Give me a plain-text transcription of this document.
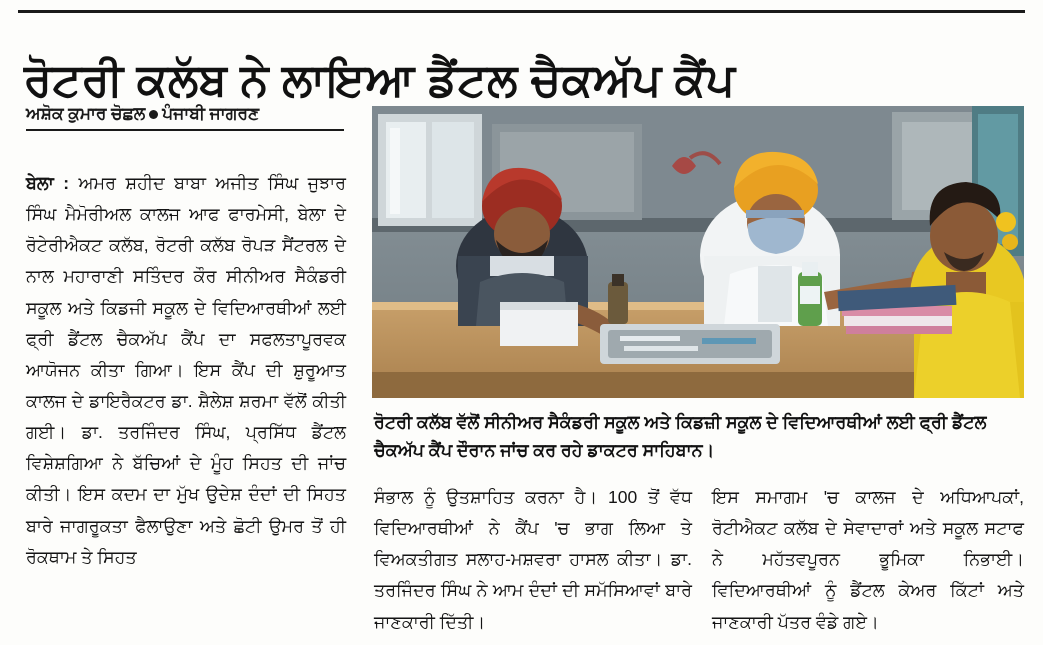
ਰੋਟਰੀ ਕਲੱਬ ਨੇ ਲਾਇਆ ਡੈਂਟਲ ਚੈਕਅੱਪ ਕੈਂਪ
ਅਸ਼ੋਕ ਕੁਮਾਰ ਚੋਛਲ ਪੰਜਾਬੀ ਜਾਗਰਣ
ਬੇਲਾ : ਅਮਰ ਸ਼ਹੀਦ ਬਾਬਾ ਅਜੀਤ ਸਿੰਘ ਜੁਝਾਰ ਸਿੰਘ ਮੈਮੋਰੀਅਲ ਕਾਲਜ ਆਫ ਫਾਰਮੇਸੀ, ਬੇਲਾ ਦੇ ਰੋਟੇਰੀਐਕਟ ਕਲੱਬ, ਰੋਟਰੀ ਕਲੱਬ ਰੋਪੜ ਸੈਂਟਰਲ ਦੇ ਨਾਲ ਮਹਾਰਾਣੀ ਸਤਿੰਦਰ ਕੌਰ ਸੀਨੀਅਰ ਸੈਕੰਡਰੀ ਸਕੂਲ ਅਤੇ ਕਿਡਜੀ ਸਕੂਲ ਦੇ ਵਿਦਿਆਰਥੀਆਂ ਲਈ ਫ੍ਰੀ ਡੈਂਟਲ ਚੈਕਅੱਪ ਕੈਂਪ ਦਾ ਸਫਲਤਾਪੂਰਵਕ ਆਯੋਜਨ ਕੀਤਾ ਗਿਆ। ਇਸ ਕੈਂਪ ਦੀ ਸ਼ੁਰੂਆਤ ਕਾਲਜ ਦੇ ਡਾਇਰੈਕਟਰ ਡਾ. ਸ਼ੈਲੇਸ਼ ਸ਼ਰਮਾ ਵੱਲੋਂ ਕੀਤੀ ਗਈ। ਡਾ. ਤਰਜਿੰਦਰ ਸਿੰਘ, ਪ੍ਰਸਿੱਧ ਡੈਂਟਲ ਵਿਸ਼ੇਸ਼ਗਿਆ ਨੇ ਬੱਚਿਆਂ ਦੇ ਮੂੰਹ ਸਿਹਤ ਦੀ ਜਾਂਚ ਕੀਤੀ। ਇਸ ਕਦਮ ਦਾ ਮੁੱਖ ਉਦੇਸ਼ ਦੰਦਾਂ ਦੀ ਸਿਹਤ ਬਾਰੇ ਜਾਗਰੂਕਤਾ ਫੈਲਾਉਣਾ ਅਤੇ ਛੋਟੀ ਉਮਰ ਤੋਂ ਹੀ ਰੋਕਥਾਮ ਤੇ ਸਿਹਤ
ਰੋਟਰੀ ਕਲੱਬ ਵੱਲੋਂ ਸੀਨੀਅਰ ਸੈਕੰਡਰੀ ਸਕੂਲ ਅਤੇ ਕਿਡਜ਼ੀ ਸਕੂਲ ਦੇ ਵਿਦਿਆਰਥੀਆਂ ਲਈ ਫ੍ਰੀ ਡੈਂਟਲ ਚੈਕਅੱਪ ਕੈਂਪ ਦੌਰਾਨ ਜਾਂਚ ਕਰ ਰਹੇ ਡਾਕਟਰ ਸਾਹਿਬਾਨ।
ਸੰਭਾਲ ਨੂੰ ਉਤਸ਼ਾਹਿਤ ਕਰਨਾ ਹੈ। 100 ਤੋਂ ਵੱਧ ਵਿਦਿਆਰਥੀਆਂ ਨੇ ਕੈਂਪ 'ਚ ਭਾਗ ਲਿਆ ਤੇ ਵਿਅਕਤੀਗਤ ਸਲਾਹ-ਮਸ਼ਵਰਾ ਹਾਸਲ ਕੀਤਾ। ਡਾ. ਤਰਜਿੰਦਰ ਸਿੰਘ ਨੇ ਆਮ ਦੰਦਾਂ ਦੀ ਸਮੱਸਿਆਵਾਂ ਬਾਰੇ ਜਾਣਕਾਰੀ ਦਿੱਤੀ।
ਇਸ ਸਮਾਗਮ 'ਚ ਕਾਲਜ ਦੇ ਅਧਿਆਪਕਾਂ, ਰੋਟੀਐਕਟ ਕਲੱਬ ਦੇ ਸੇਵਾਦਾਰਾਂ ਅਤੇ ਸਕੂਲ ਸਟਾਫ ਨੇ ਮਹੱਤਵਪੂਰਨ ਭੂਮਿਕਾ ਨਿਭਾਈ। ਵਿਦਿਆਰਥੀਆਂ ਨੂੰ ਡੈਂਟਲ ਕੇਅਰ ਕਿੱਟਾਂ ਅਤੇ ਜਾਣਕਾਰੀ ਪੱਤਰ ਵੰਡੇ ਗਏ।
